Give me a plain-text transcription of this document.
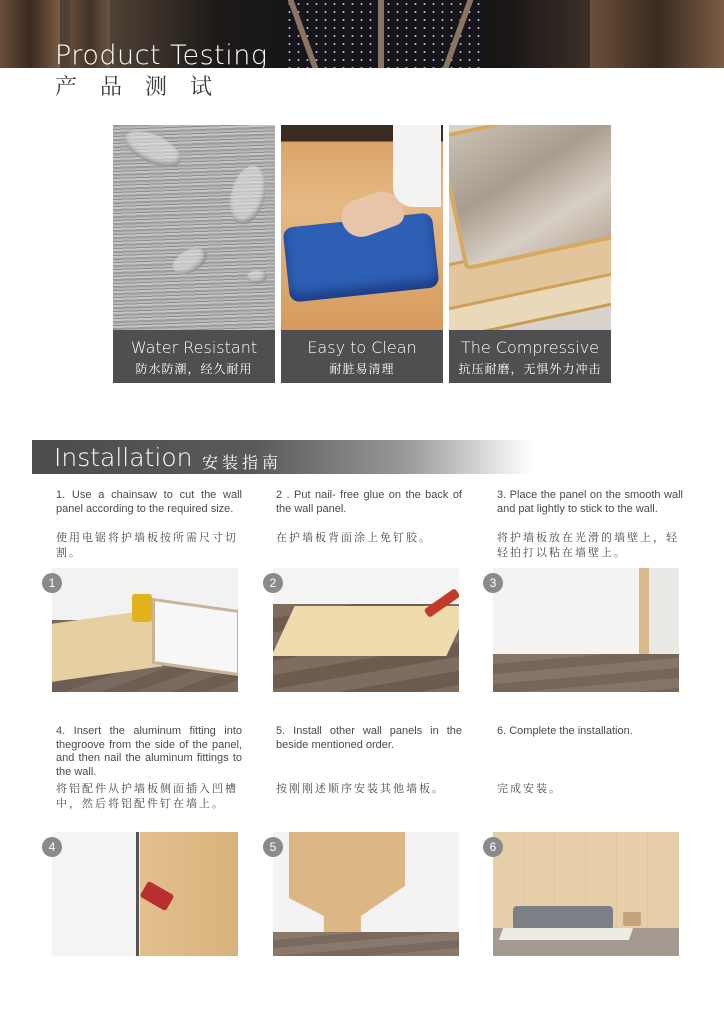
Product Testing
产 品 测 试
Water Resistant
防水防潮，经久耐用
Easy to Clean
耐脏易清理
The Compressive
抗压耐磨，无惧外力冲击
Installation 安装指南
1. Use a chainsaw to cut the wall panel according to the required size.
使用电锯将护墙板按所需尺寸切割。
2 . Put nail- free glue on the back of the wall panel.
在护墙板背面涂上免钉胶。
3. Place the panel on the smooth wall and pat lightly to stick to the wall.
将护墙板放在光滑的墙壁上，轻轻拍打以粘在墙壁上。
1	2	3
4. Insert the aluminum fitting into thegroove from the side of the panel, and then nail the aluminum fittings to the wall.
将铝配件从护墙板侧面插入凹槽中，然后将铝配件钉在墙上。
5. Install other wall panels in the beside mentioned order.
按刚刚述顺序安装其他墙板。
6. Complete the installation.
完成安装。
4	5	6
